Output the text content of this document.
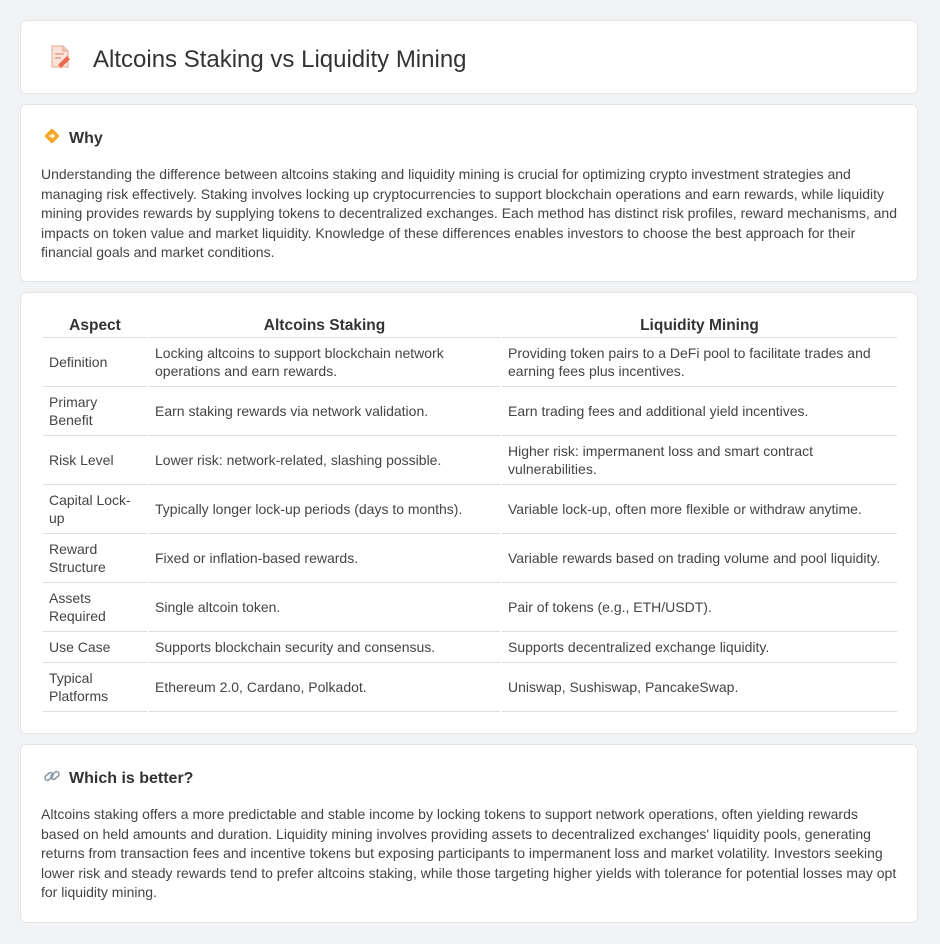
Altcoins Staking vs Liquidity Mining
Why

Understanding the difference between altcoins staking and liquidity mining is crucial for optimizing crypto investment strategies and managing risk effectively. Staking involves locking up cryptocurrencies to support blockchain operations and earn rewards, while liquidity mining provides rewards by supplying tokens to decentralized exchanges. Each method has distinct risk profiles, reward mechanisms, and impacts on token value and market liquidity. Knowledge of these differences enables investors to choose the best approach for their financial goals and market conditions.

Aspect	Altcoins Staking	Liquidity Mining
Definition	Locking altcoins to support blockchain network operations and earn rewards.	Providing token pairs to a DeFi pool to facilitate trades and earning fees plus incentives.
Primary Benefit	Earn staking rewards via network validation.	Earn trading fees and additional yield incentives.
Risk Level	Lower risk: network-related, slashing possible.	Higher risk: impermanent loss and smart contract vulnerabilities.
Capital Lock-up	Typically longer lock-up periods (days to months).	Variable lock-up, often more flexible or withdraw anytime.
Reward Structure	Fixed or inflation-based rewards.	Variable rewards based on trading volume and pool liquidity.
Assets Required	Single altcoin token.	Pair of tokens (e.g., ETH/USDT).
Use Case	Supports blockchain security and consensus.	Supports decentralized exchange liquidity.
Typical Platforms	Ethereum 2.0, Cardano, Polkadot.	Uniswap, Sushiswap, PancakeSwap.
Which is better?

Altcoins staking offers a more predictable and stable income by locking tokens to support network operations, often yielding rewards based on held amounts and duration. Liquidity mining involves providing assets to decentralized exchanges' liquidity pools, generating returns from transaction fees and incentive tokens but exposing participants to impermanent loss and market volatility. Investors seeking lower risk and steady rewards tend to prefer altcoins staking, while those targeting higher yields with tolerance for potential losses may opt for liquidity mining.
